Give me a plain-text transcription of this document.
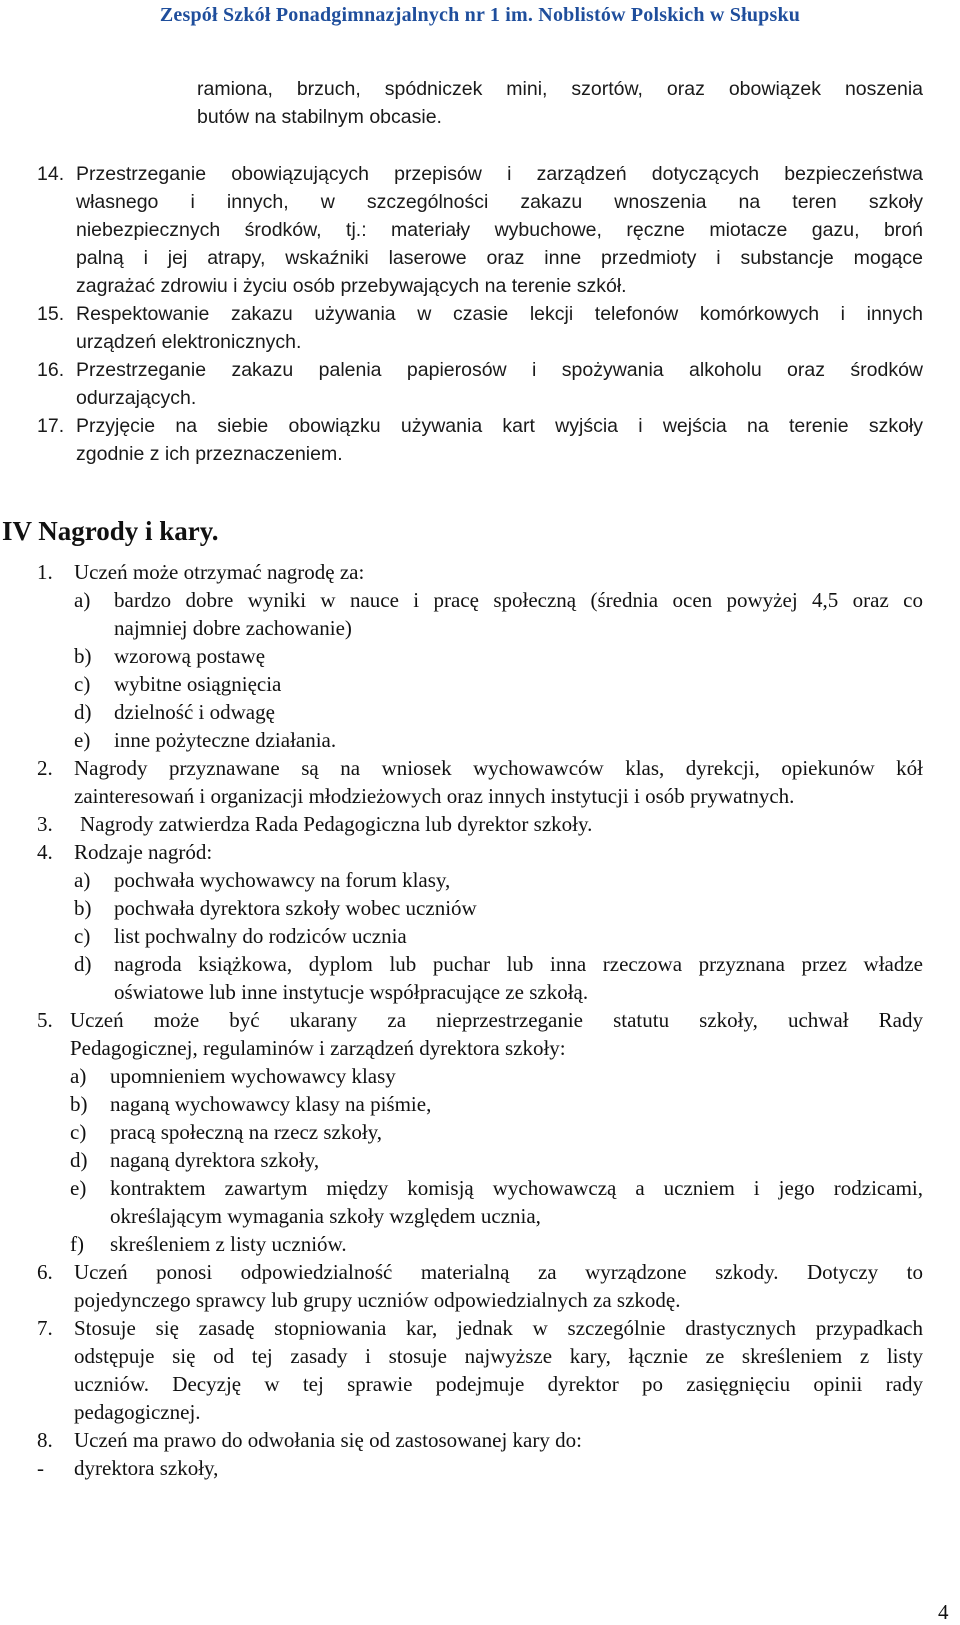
Zespół Szkół Ponadgimnazjalnych nr 1 im. Noblistów Polskich w Słupsku
ramiona, brzuch, spódniczek mini, szortów, oraz obowiązek noszenia
butów na stabilnym obcasie.
14. Przestrzeganie obowiązujących przepisów i zarządzeń dotyczących bezpieczeństwa
własnego i innych, w szczególności zakazu wnoszenia na teren szkoły
niebezpiecznych środków, tj.: materiały wybuchowe, ręczne miotacze gazu, broń
palną i jej atrapy, wskaźniki laserowe oraz inne przedmioty i substancje mogące
zagrażać zdrowiu i życiu osób przebywających na terenie szkół.
15. Respektowanie zakazu używania w czasie lekcji telefonów komórkowych i innych
urządzeń elektronicznych.
16. Przestrzeganie zakazu palenia papierosów i spożywania alkoholu oraz środków
odurzających.
17. Przyjęcie na siebie obowiązku używania kart wyjścia i wejścia na terenie szkoły
zgodnie z ich przeznaczeniem.
IV Nagrody i kary.
1. Uczeń może otrzymać nagrodę za:
a) bardzo dobre wyniki w nauce i pracę społeczną (średnia ocen powyżej 4,5 oraz co
najmniej dobre zachowanie)
b) wzorową postawę
c) wybitne osiągnięcia
d) dzielność i odwagę
e) inne pożyteczne działania.
2. Nagrody przyznawane są na wniosek wychowawców klas, dyrekcji, opiekunów kół
zainteresowań i organizacji młodzieżowych oraz innych instytucji i osób prywatnych.
3. Nagrody zatwierdza Rada Pedagogiczna lub dyrektor szkoły.
4. Rodzaje nagród:
a) pochwała wychowawcy na forum klasy,
b) pochwała dyrektora szkoły wobec uczniów
c) list pochwalny do rodziców ucznia
d) nagroda książkowa, dyplom lub puchar lub inna rzeczowa przyznana przez władze
oświatowe lub inne instytucje współpracujące ze szkołą.
5. Uczeń może być ukarany za nieprzestrzeganie statutu szkoły, uchwał Rady
Pedagogicznej, regulaminów i zarządzeń dyrektora szkoły:
a) upomnieniem wychowawcy klasy
b) naganą wychowawcy klasy na piśmie,
c) pracą społeczną na rzecz szkoły,
d) naganą dyrektora szkoły,
e) kontraktem zawartym między komisją wychowawczą a uczniem i jego rodzicami,
określającym wymagania szkoły względem ucznia,
f) skreśleniem z listy uczniów.
6. Uczeń ponosi odpowiedzialność materialną za wyrządzone szkody. Dotyczy to
pojedynczego sprawcy lub grupy uczniów odpowiedzialnych za szkodę.
7. Stosuje się zasadę stopniowania kar, jednak w szczególnie drastycznych przypadkach
odstępuje się od tej zasady i stosuje najwyższe kary, łącznie ze skreśleniem z listy
uczniów. Decyzję w tej sprawie podejmuje dyrektor po zasięgnięciu opinii rady
pedagogicznej.
8. Uczeń ma prawo do odwołania się od zastosowanej kary do:
- dyrektora szkoły,
4
